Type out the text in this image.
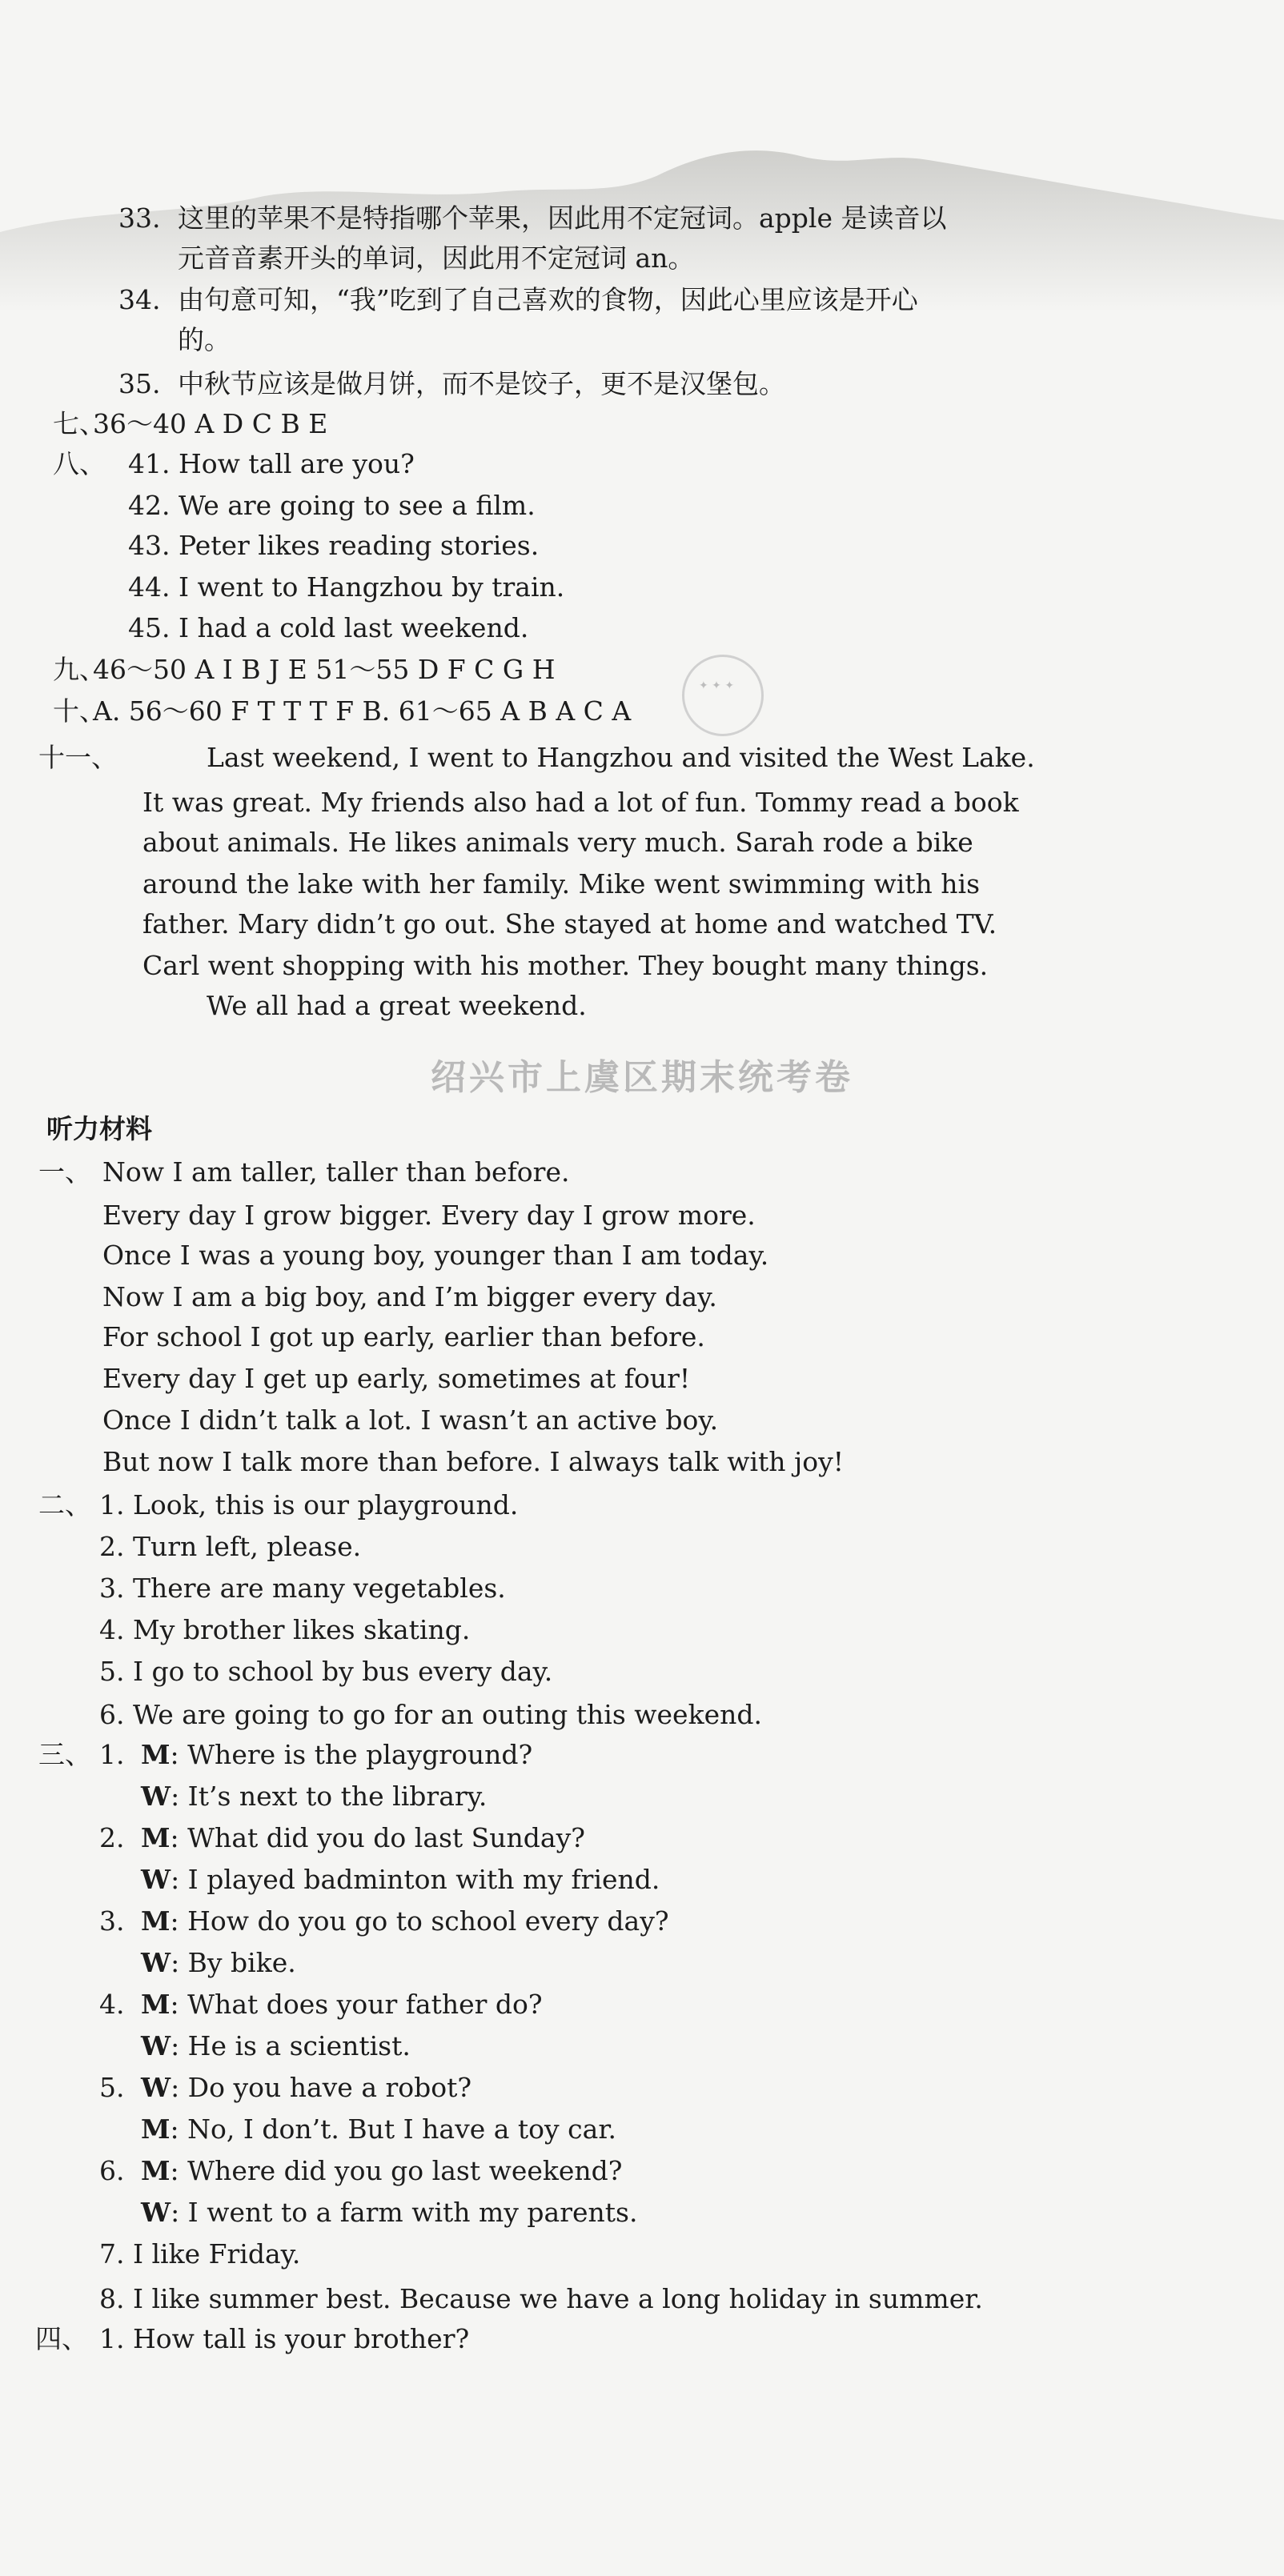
33. 这里的苹果不是特指哪个苹果，因此用不定冠词。apple 是读音以
元音音素开头的单词，因此用不定冠词 an。
34. 由句意可知，“我”吃到了自己喜欢的食物，因此心里应该是开心
的。
35. 中秋节应该是做月饼，而不是饺子，更不是汉堡包。
七、
36～40 A D C B E
八、 41. How tall are you?
42. We are going to see a film.
43. Peter likes reading stories.
44. I went to Hangzhou by train.
45. I had a cold last weekend.
九、
46～50 A I B J E 51～55 D F C G H
十、
A. 56～60 F T T T F B. 61～65 A B A C A
✦ ✦ ✦
十一、	Last weekend, I went to Hangzhou and visited the West Lake.
It was great. My friends also had a lot of fun. Tommy read a book
about animals. He likes animals very much. Sarah rode a bike
around the lake with her family. Mike went swimming with his
father. Mary didn’t go out. She stayed at home and watched TV.
Carl went shopping with his mother. They bought many things.
We all had a great weekend.
绍兴市上虞区期末统考卷
听力材料
一、 Now I am taller, taller than before.
Every day I grow bigger. Every day I grow more.
Once I was a young boy, younger than I am today.
Now I am a big boy, and I’m bigger every day.
For school I got up early, earlier than before.
Every day I get up early, sometimes at four!
Once I didn’t talk a lot. I wasn’t an active boy.
But now I talk more than before. I always talk with joy!
二、 1. Look, this is our playground.
2. Turn left, please.
3. There are many vegetables.
4. My brother likes skating.
5. I go to school by bus every day.
6. We are going to go for an outing this weekend.
三、 1. M: Where is the playground?
W: It’s next to the library.
2. M: What did you do last Sunday?
W: I played badminton with my friend.
3. M: How do you go to school every day?
W: By bike.
4. M: What does your father do?
W: He is a scientist.
5. W: Do you have a robot?
M: No, I don’t. But I have a toy car.
6. M: Where did you go last weekend?
W: I went to a farm with my parents.
7. I like Friday.
8. I like summer best. Because we have a long holiday in summer.
四、 1. How tall is your brother?
